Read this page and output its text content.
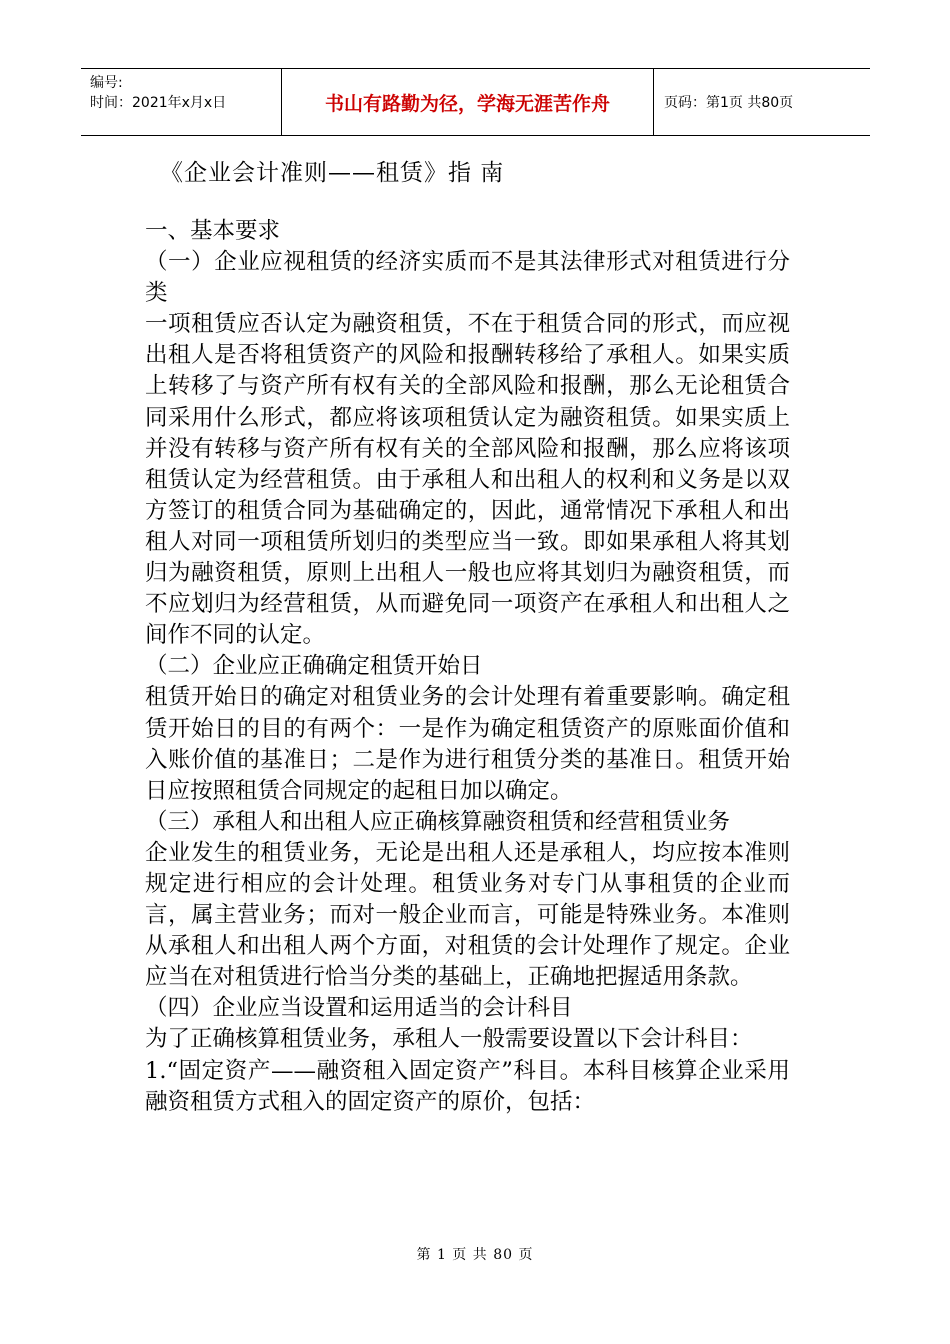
编号:
时间：2021年x月x日	书山有路勤为径，学海无涯苦作舟	页码：第1页 共80页
《企业会计准则——租赁》指 南

一、基本要求

（一）企业应视租赁的经济实质而不是其法律形式对租赁进行分类

一项租赁应否认定为融资租赁，不在于租赁合同的形式，而应视出租人是否将租赁资产的风险和报酬转移给了承租人。如果实质上转移了与资产所有权有关的全部风险和报酬，那么无论租赁合同采用什么形式，都应将该项租赁认定为融资租赁。如果实质上并没有转移与资产所有权有关的全部风险和报酬，那么应将该项租赁认定为经营租赁。由于承租人和出租人的权利和义务是以双方签订的租赁合同为基础确定的，因此，通常情况下承租人和出租人对同一项租赁所划归的类型应当一致。即如果承租人将其划归为融资租赁，原则上出租人一般也应将其划归为融资租赁，而不应划归为经营租赁，从而避免同一项资产在承租人和出租人之间作不同的认定。

（二）企业应正确确定租赁开始日

租赁开始日的确定对租赁业务的会计处理有着重要影响。确定租赁开始日的目的有两个：一是作为确定租赁资产的原账面价值和入账价值的基准日；二是作为进行租赁分类的基准日。租赁开始日应按照租赁合同规定的起租日加以确定。

（三）承租人和出租人应正确核算融资租赁和经营租赁业务

企业发生的租赁业务，无论是出租人还是承租人，均应按本准则规定进行相应的会计处理。租赁业务对专门从事租赁的企业而言，属主营业务；而对一般企业而言，可能是特殊业务。本准则从承租人和出租人两个方面，对租赁的会计处理作了规定。企业应当在对租赁进行恰当分类的基础上，正确地把握适用条款。

（四）企业应当设置和运用适当的会计科目

为了正确核算租赁业务，承租人一般需要设置以下会计科目：

1.“固定资产——融资租入固定资产”科目。本科目核算企业采用融资租赁方式租入的固定资产的原价，包括：

第 1 页 共 80 页
